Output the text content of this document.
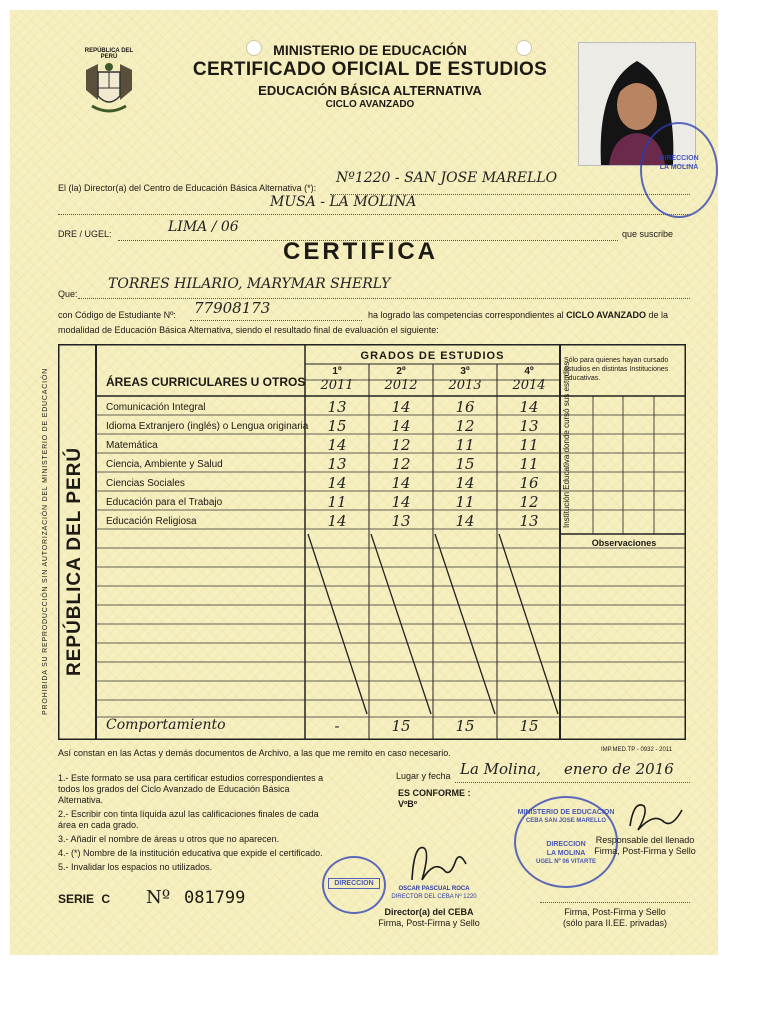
REPÚBLICA DEL PERÚ	MINISTERIO DE EDUCACIÓN
CERTIFICADO OFICIAL DE ESTUDIOS
EDUCACIÓN BÁSICA ALTERNATIVA
CICLO AVANZADO
DIRECCION
LA MOLINA
El (la) Director(a) del Centro de Educación Básica Alternativa (*):
Nº1220 - SAN JOSE MARELLO
MUSA - LA MOLINA
DRE / UGEL:	LIMA / 06	que suscribe
CERTIFICA
Que:
TORRES HILARIO, MARYMAR SHERLY
con Código de Estudiante Nº: 77908173	ha logrado las competencias correspondientes al CICLO AVANZADO de la
modalidad de Educación Básica Alternativa, siendo el resultado final de evaluación el siguiente:
PROHIBIDA SU REPRODUCCIÓN SIN AUTORIZACIÓN DEL MINISTERIO DE EDUCACIÓN REPÚBLICA DEL PERÚ
ÁREAS CURRICULARES U OTROS
GRADOS DE ESTUDIOS	Sólo para quienes hayan cursado estudios en distintas Instituciones Educativas.
Institución Educativa donde cursó sus estudios
Observaciones
IMP.MED.TP - 0932 - 2011
Así constan en las Actas y demás documentos de Archivo, a las que me remito en caso necesario.
1.- Este formato se usa para certificar estudios correspondientes a todos los grados del Ciclo Avanzado de Educación Básica Alternativa.
2.- Escribir con tinta líquida azul las calificaciones finales de cada área en cada grado.
3.- Añadir el nombre de áreas u otros que no aparecen.
4.- (*) Nombre de la institución educativa que expide el certificado.
5.- Invalidar los espacios no utilizados.
Lugar y fecha La Molina, enero de 2016
ES CONFORME :
VºBº
MINISTERIO DE EDUCACION
CEBA SAN JOSE MARELLO
DIRECCION
LA MOLINA
UGEL Nº 06 VITARTE
DIRECCION
OSCAR PASCUAL ROCA
DIRECTOR DEL CEBA Nº 1220
Director(a) del CEBA
Firma, Post-Firma y Sello
Responsable del llenado
Firma, Post-Firma y Sello
Firma, Post-Firma y Sello
(sólo para II.EE. privadas)
SERIE C Nº 081799
1º
2011
2º
2012
3º
2013
4º
2014
Comunicación Integral	13	14	16	14
Idioma Extranjero (inglés) o Lengua originaria	15	14	12	13
Matemática	14	12	11	11
Ciencia, Ambiente y Salud	13	12	15	11
Ciencias Sociales	14	14	14	16
Educación para el Trabajo	11	14	11	12
Educación Religiosa	14	13	14	13
Comportamiento	-	15	15	15
